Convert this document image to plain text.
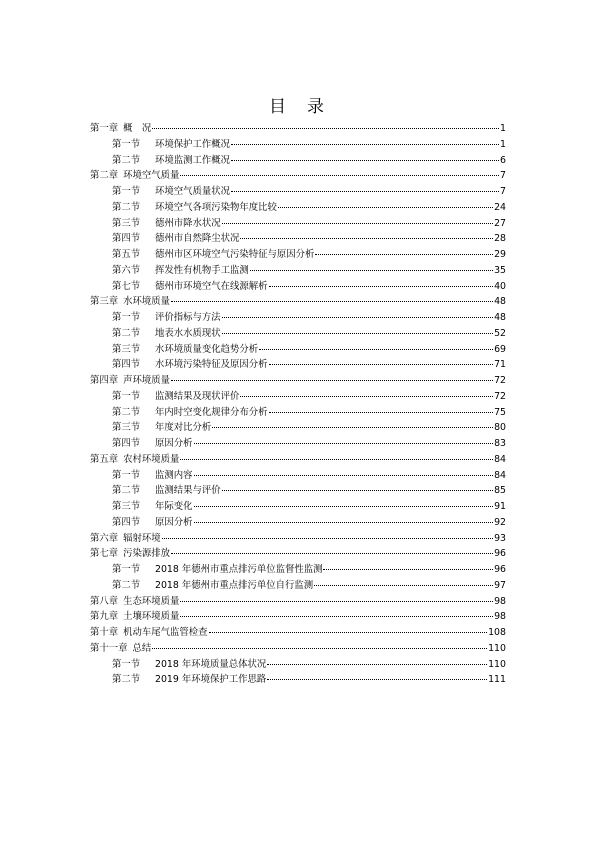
目　录
第一章 概　况	1
第一节	环境保护工作概况	1
第二节	环境监测工作概况	6
第二章 环境空气质量	7
第一节	环境空气质量状况	7
第二节	环境空气各项污染物年度比较	24
第三节	德州市降水状况	27
第四节	德州市自然降尘状况	28
第五节	德州市区环境空气污染特征与原因分析	29
第六节	挥发性有机物手工监测	35
第七节	德州市环境空气在线源解析	40
第三章 水环境质量	48
第一节	评价指标与方法	48
第二节	地表水水质现状	52
第三节	水环境质量变化趋势分析	69
第四节	水环境污染特征及原因分析	71
第四章 声环境质量	72
第一节	监测结果及现状评价	72
第二节	年内时空变化规律分布分析	75
第三节	年度对比分析	80
第四节	原因分析	83
第五章 农村环境质量	84
第一节	监测内容	84
第二节	监测结果与评价	85
第三节	年际变化	91
第四节	原因分析	92
第六章 辐射环境	93
第七章 污染源排放	96
第一节	2018 年德州市重点排污单位监督性监测	96
第二节	2018 年德州市重点排污单位自行监测	97
第八章 生态环境质量	98
第九章 土壤环境质量	98
第十章 机动车尾气监管检查	108
第十一章 总结	110
第一节	2018 年环境质量总体状况	110
第二节	2019 年环境保护工作思路	111
